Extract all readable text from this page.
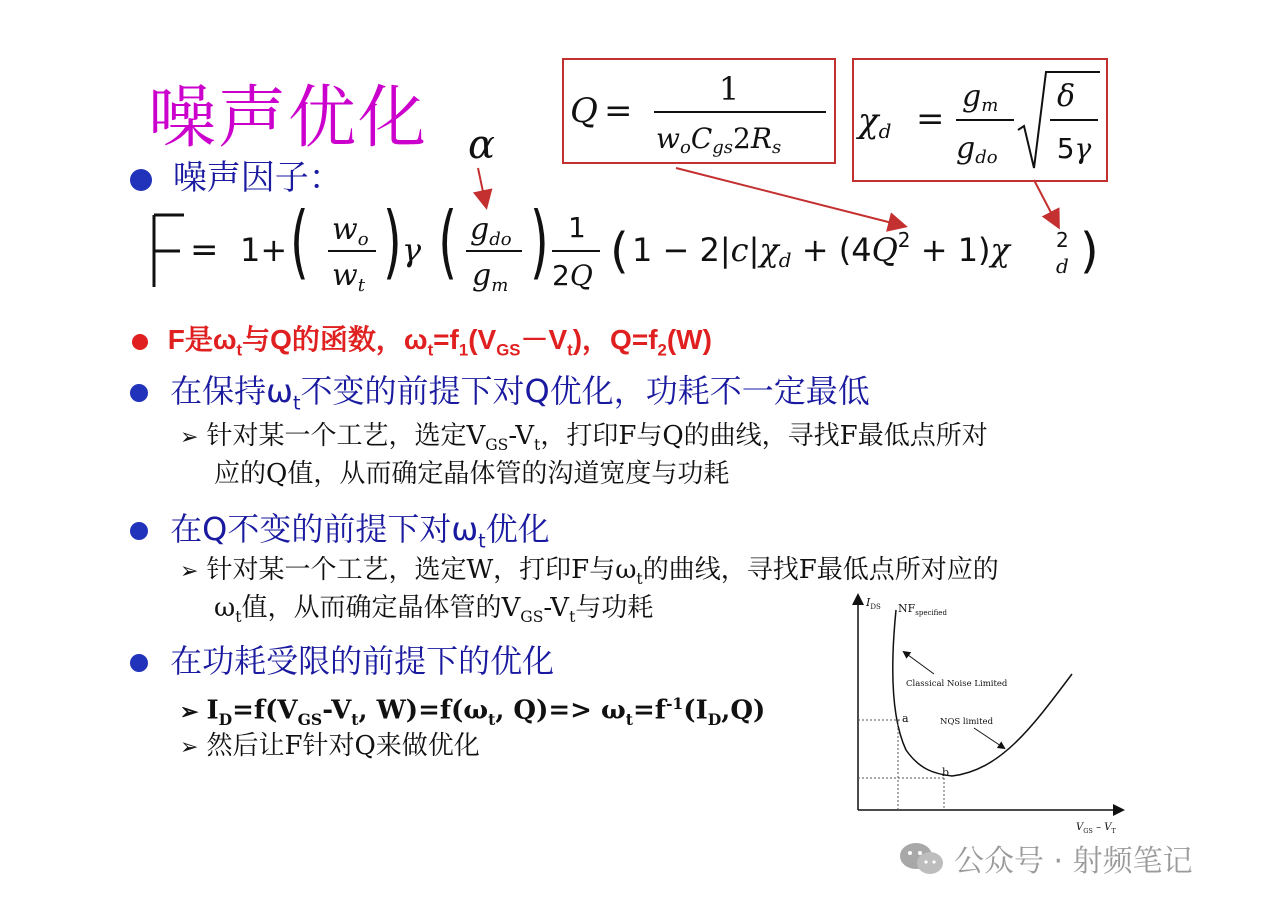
噪声优化	Q =
1
woCgs2Rs
χd =
gm
gdo
δ
5γ
噪声因子：
α
= 1+ ( $w_o$
$w_t$ ) γ ( $g_{do}$
$g_m$ ) 1
2Q ( $1 - 2|c|\chi d + (4Q^2 + 1)\chi$ 2
d )
F是$\omega_t$与Q的函数，$\omega_t=f_1(V_{GS}-V_t)$，$Q=f_2(W)$
在保持$\omega_t$不变的前提下对Q优化，功耗不一定最低
➢ 针对某一个工艺，选定$V_{GS}-V_t$，打印F与Q的曲线，寻找F最低点所对
应的Q值，从而确定晶体管的沟道宽度与功耗
在Q不变的前提下对$\omega_t$优化
➢ 针对某一个工艺，选定W，打印F与$\omega_t$的曲线，寻找F最低点所对应的
$\omega_t$值，从而确定晶体管的$V_{GS}-V_t$与功耗
在功耗受限的前提下的优化
➢ $I_D=f(V_{GS}-V_t$, $W)=f(\omega_t$, $Q)=> \omega_t=f^{-1}(I_D,Q)$
➢ 然后让F针对Q来做优化
$I_{DS}$ $NF_{specified}$
Classical Noise Limited
NQS limited
a
b
$V_{GS} - V_T$
公众号 · 射频笔记
